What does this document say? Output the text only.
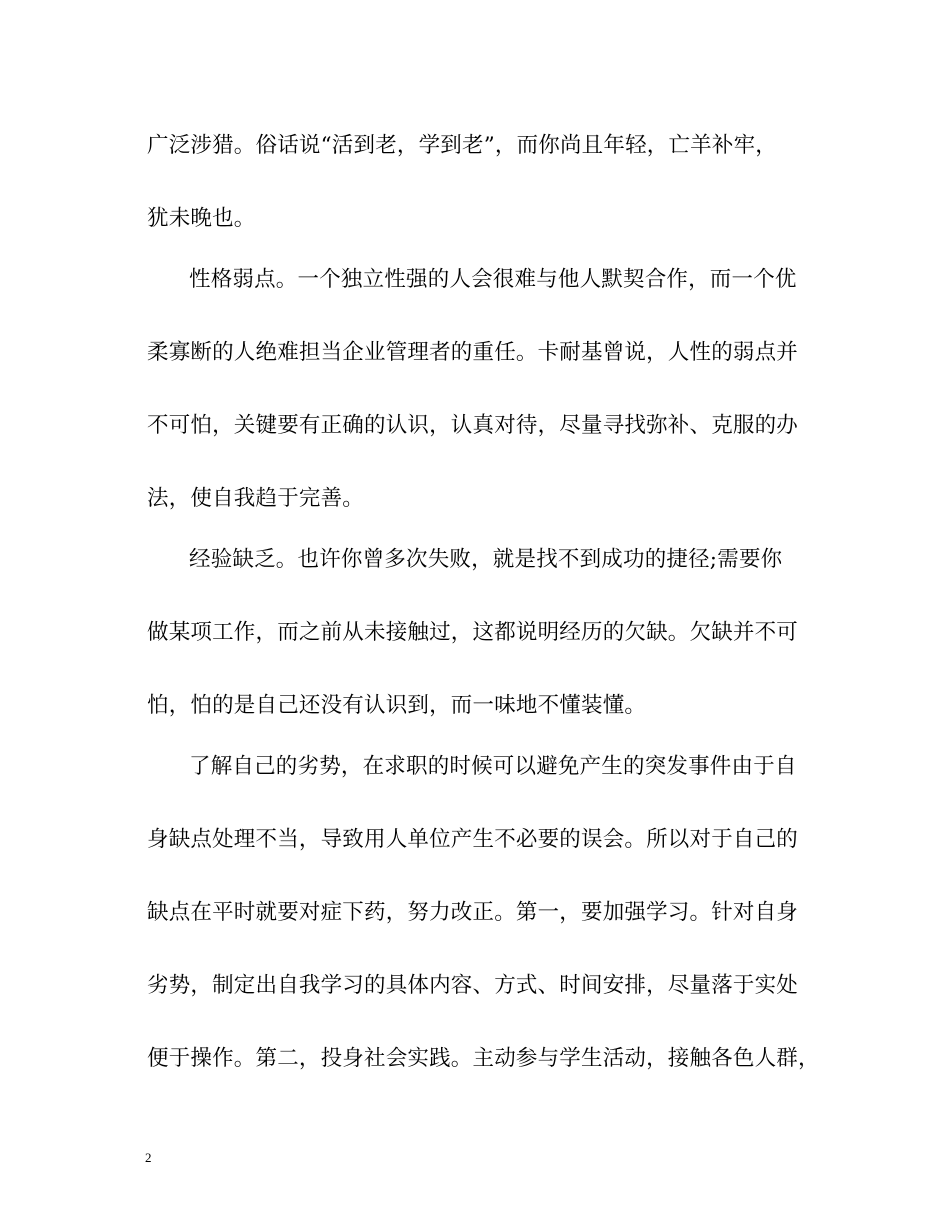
广泛涉猎。俗话说“活到老，学到老”，而你尚且年轻，亡羊补牢，
犹未晚也。
性格弱点。一个独立性强的人会很难与他人默契合作，而一个优
柔寡断的人绝难担当企业管理者的重任。卡耐基曾说，人性的弱点并
不可怕，关键要有正确的认识，认真对待，尽量寻找弥补、克服的办
法，使自我趋于完善。
经验缺乏。也许你曾多次失败，就是找不到成功的捷径;需要你
做某项工作，而之前从未接触过，这都说明经历的欠缺。欠缺并不可
怕，怕的是自己还没有认识到，而一味地不懂装懂。
了解自己的劣势，在求职的时候可以避免产生的突发事件由于自
身缺点处理不当，导致用人单位产生不必要的误会。所以对于自己的
缺点在平时就要对症下药，努力改正。第一，要加强学习。针对自身
劣势，制定出自我学习的具体内容、方式、时间安排，尽量落于实处
便于操作。第二，投身社会实践。主动参与学生活动，接触各色人群，
2
